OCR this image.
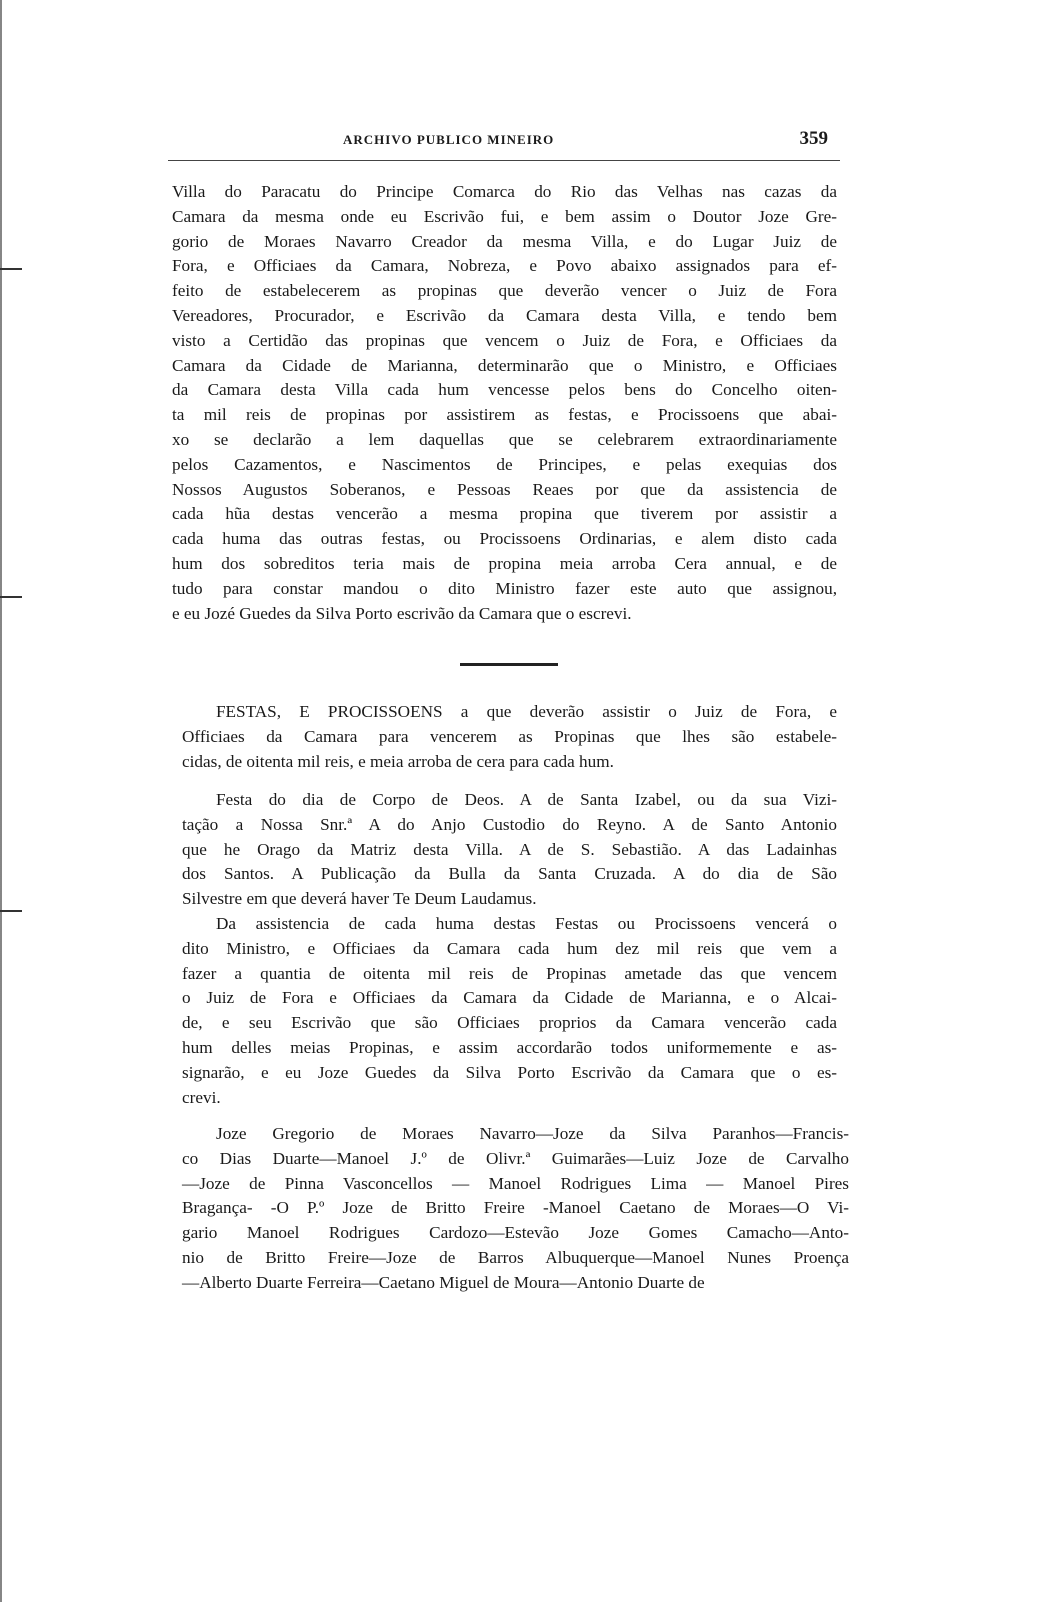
ARCHIVO PUBLICO MINEIRO	359
Villa do Paracatu do Principe Comarca do Rio das Velhas nas cazas da
Camara da mesma onde eu Escrivão fui, e bem assim o Doutor Joze Gre-
gorio de Moraes Navarro Creador da mesma Villa, e do Lugar Juiz de
Fora, e Officiaes da Camara, Nobreza, e Povo abaixo assignados para ef-
feito de estabelecerem as propinas que deverão vencer o Juiz de Fora
Vereadores, Procurador, e Escrivão da Camara desta Villa, e tendo bem
visto a Certidão das propinas que vencem o Juiz de Fora, e Officiaes da
Camara da Cidade de Marianna, determinarão que o Ministro, e Officiaes
da Camara desta Villa cada hum vencesse pelos bens do Concelho oiten-
ta mil reis de propinas por assistirem as festas, e Procissoens que abai-
xo se declarão a lem daquellas que se celebrarem extraordinariamente
pelos Cazamentos, e Nascimentos de Principes, e pelas exequias dos
Nossos Augustos Soberanos, e Pessoas Reaes por que da assistencia de
cada hũa destas vencerão a mesma propina que tiverem por assistir a
cada huma das outras festas, ou Procissoens Ordinarias, e alem disto cada
hum dos sobreditos teria mais de propina meia arroba Cera annual, e de
tudo para constar mandou o dito Ministro fazer este auto que assignou,
e eu Jozé Guedes da Silva Porto escrivão da Camara que o escrevi.
FESTAS, E PROCISSOENS a que deverão assistir o Juiz de Fora, e
Officiaes da Camara para vencerem as Propinas que lhes são estabele-
cidas, de oitenta mil reis, e meia arroba de cera para cada hum.
Festa do dia de Corpo de Deos. A de Santa Izabel, ou da sua Vizi-
tação a Nossa Snr.ª A do Anjo Custodio do Reyno. A de Santo Antonio
que he Orago da Matriz desta Villa. A de S. Sebastião. A das Ladainhas
dos Santos. A Publicação da Bulla da Santa Cruzada. A do dia de São
Silvestre em que deverá haver Te Deum Laudamus.
Da assistencia de cada huma destas Festas ou Procissoens vencerá o
dito Ministro, e Officiaes da Camara cada hum dez mil reis que vem a
fazer a quantia de oitenta mil reis de Propinas ametade das que vencem
o Juiz de Fora e Officiaes da Camara da Cidade de Marianna, e o Alcai-
de, e seu Escrivão que são Officiaes proprios da Camara vencerão cada
hum delles meias Propinas, e assim accordarão todos uniformemente e as-
signarão, e eu Joze Guedes da Silva Porto Escrivão da Camara que o es-
crevi.
Joze Gregorio de Moraes Navarro—Joze da Silva Paranhos—Francis-
co Dias Duarte—Manoel J.º de Olivr.ª Guimarães—Luiz Joze de Carvalho
—Joze de Pinna Vasconcellos — Manoel Rodrigues Lima — Manoel Pires
Bragança- -O P.º Joze de Britto Freire -Manoel Caetano de Moraes—O Vi-
gario Manoel Rodrigues Cardozo—Estevão Joze Gomes Camacho—Anto-
nio de Britto Freire—Joze de Barros Albuquerque—Manoel Nunes Proença
—Alberto Duarte Ferreira—Caetano Miguel de Moura—Antonio Duarte de
